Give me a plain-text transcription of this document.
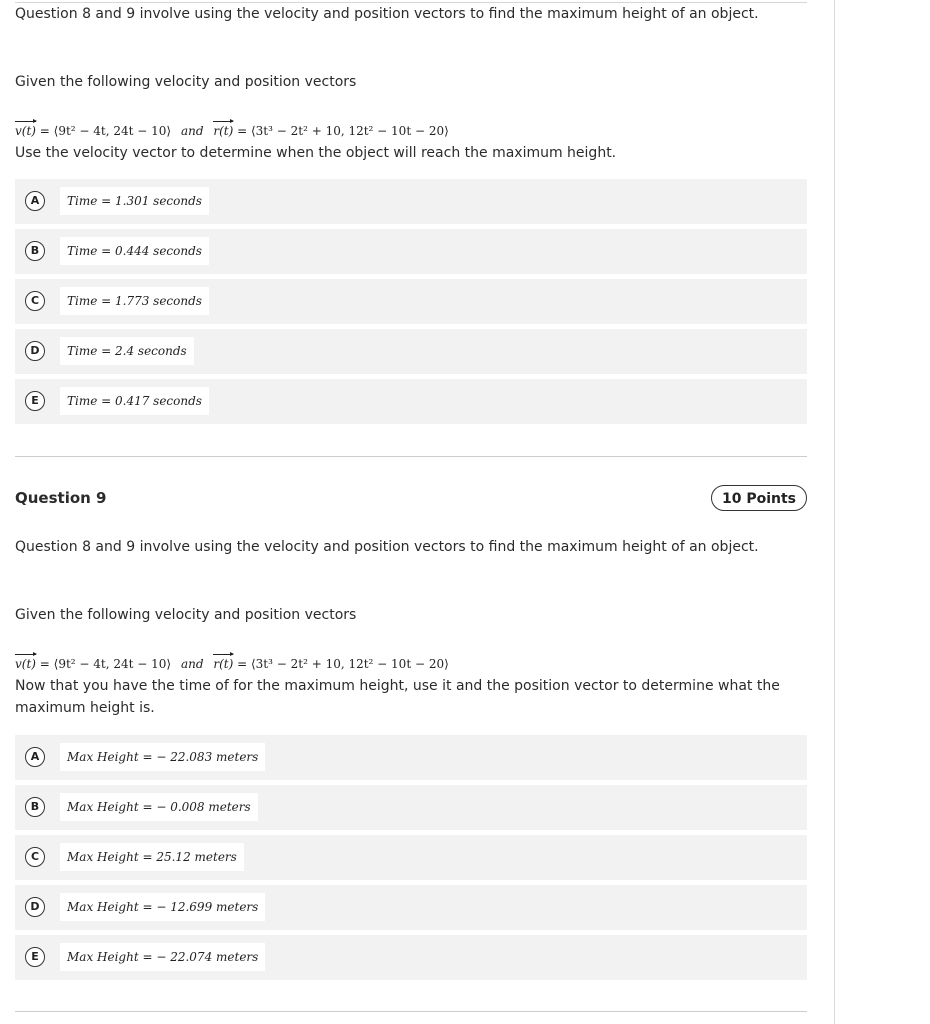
Question 8 and 9 involve using the velocity and position vectors to find the maximum height of an object.
Given the following velocity and position vectors
v(t) = ⟨9t² − 4t, 24t − 10⟩ and r(t) = ⟨3t³ − 2t² + 10, 12t² − 10t − 20⟩
Use the velocity vector to determine when the object will reach the maximum height.
A	Time = 1.301 seconds
B	Time = 0.444 seconds
C	Time = 1.773 seconds
D	Time = 2.4 seconds
E	Time = 0.417 seconds
Question 9	10 Points
Question 8 and 9 involve using the velocity and position vectors to find the maximum height of an object.
Given the following velocity and position vectors
v(t) = ⟨9t² − 4t, 24t − 10⟩ and r(t) = ⟨3t³ − 2t² + 10, 12t² − 10t − 20⟩
Now that you have the time of for the maximum height, use it and the position vector to determine what the maximum height is.
A	Max Height = − 22.083 meters
B	Max Height = − 0.008 meters
C	Max Height = 25.12 meters
D	Max Height = − 12.699 meters
E	Max Height = − 22.074 meters
